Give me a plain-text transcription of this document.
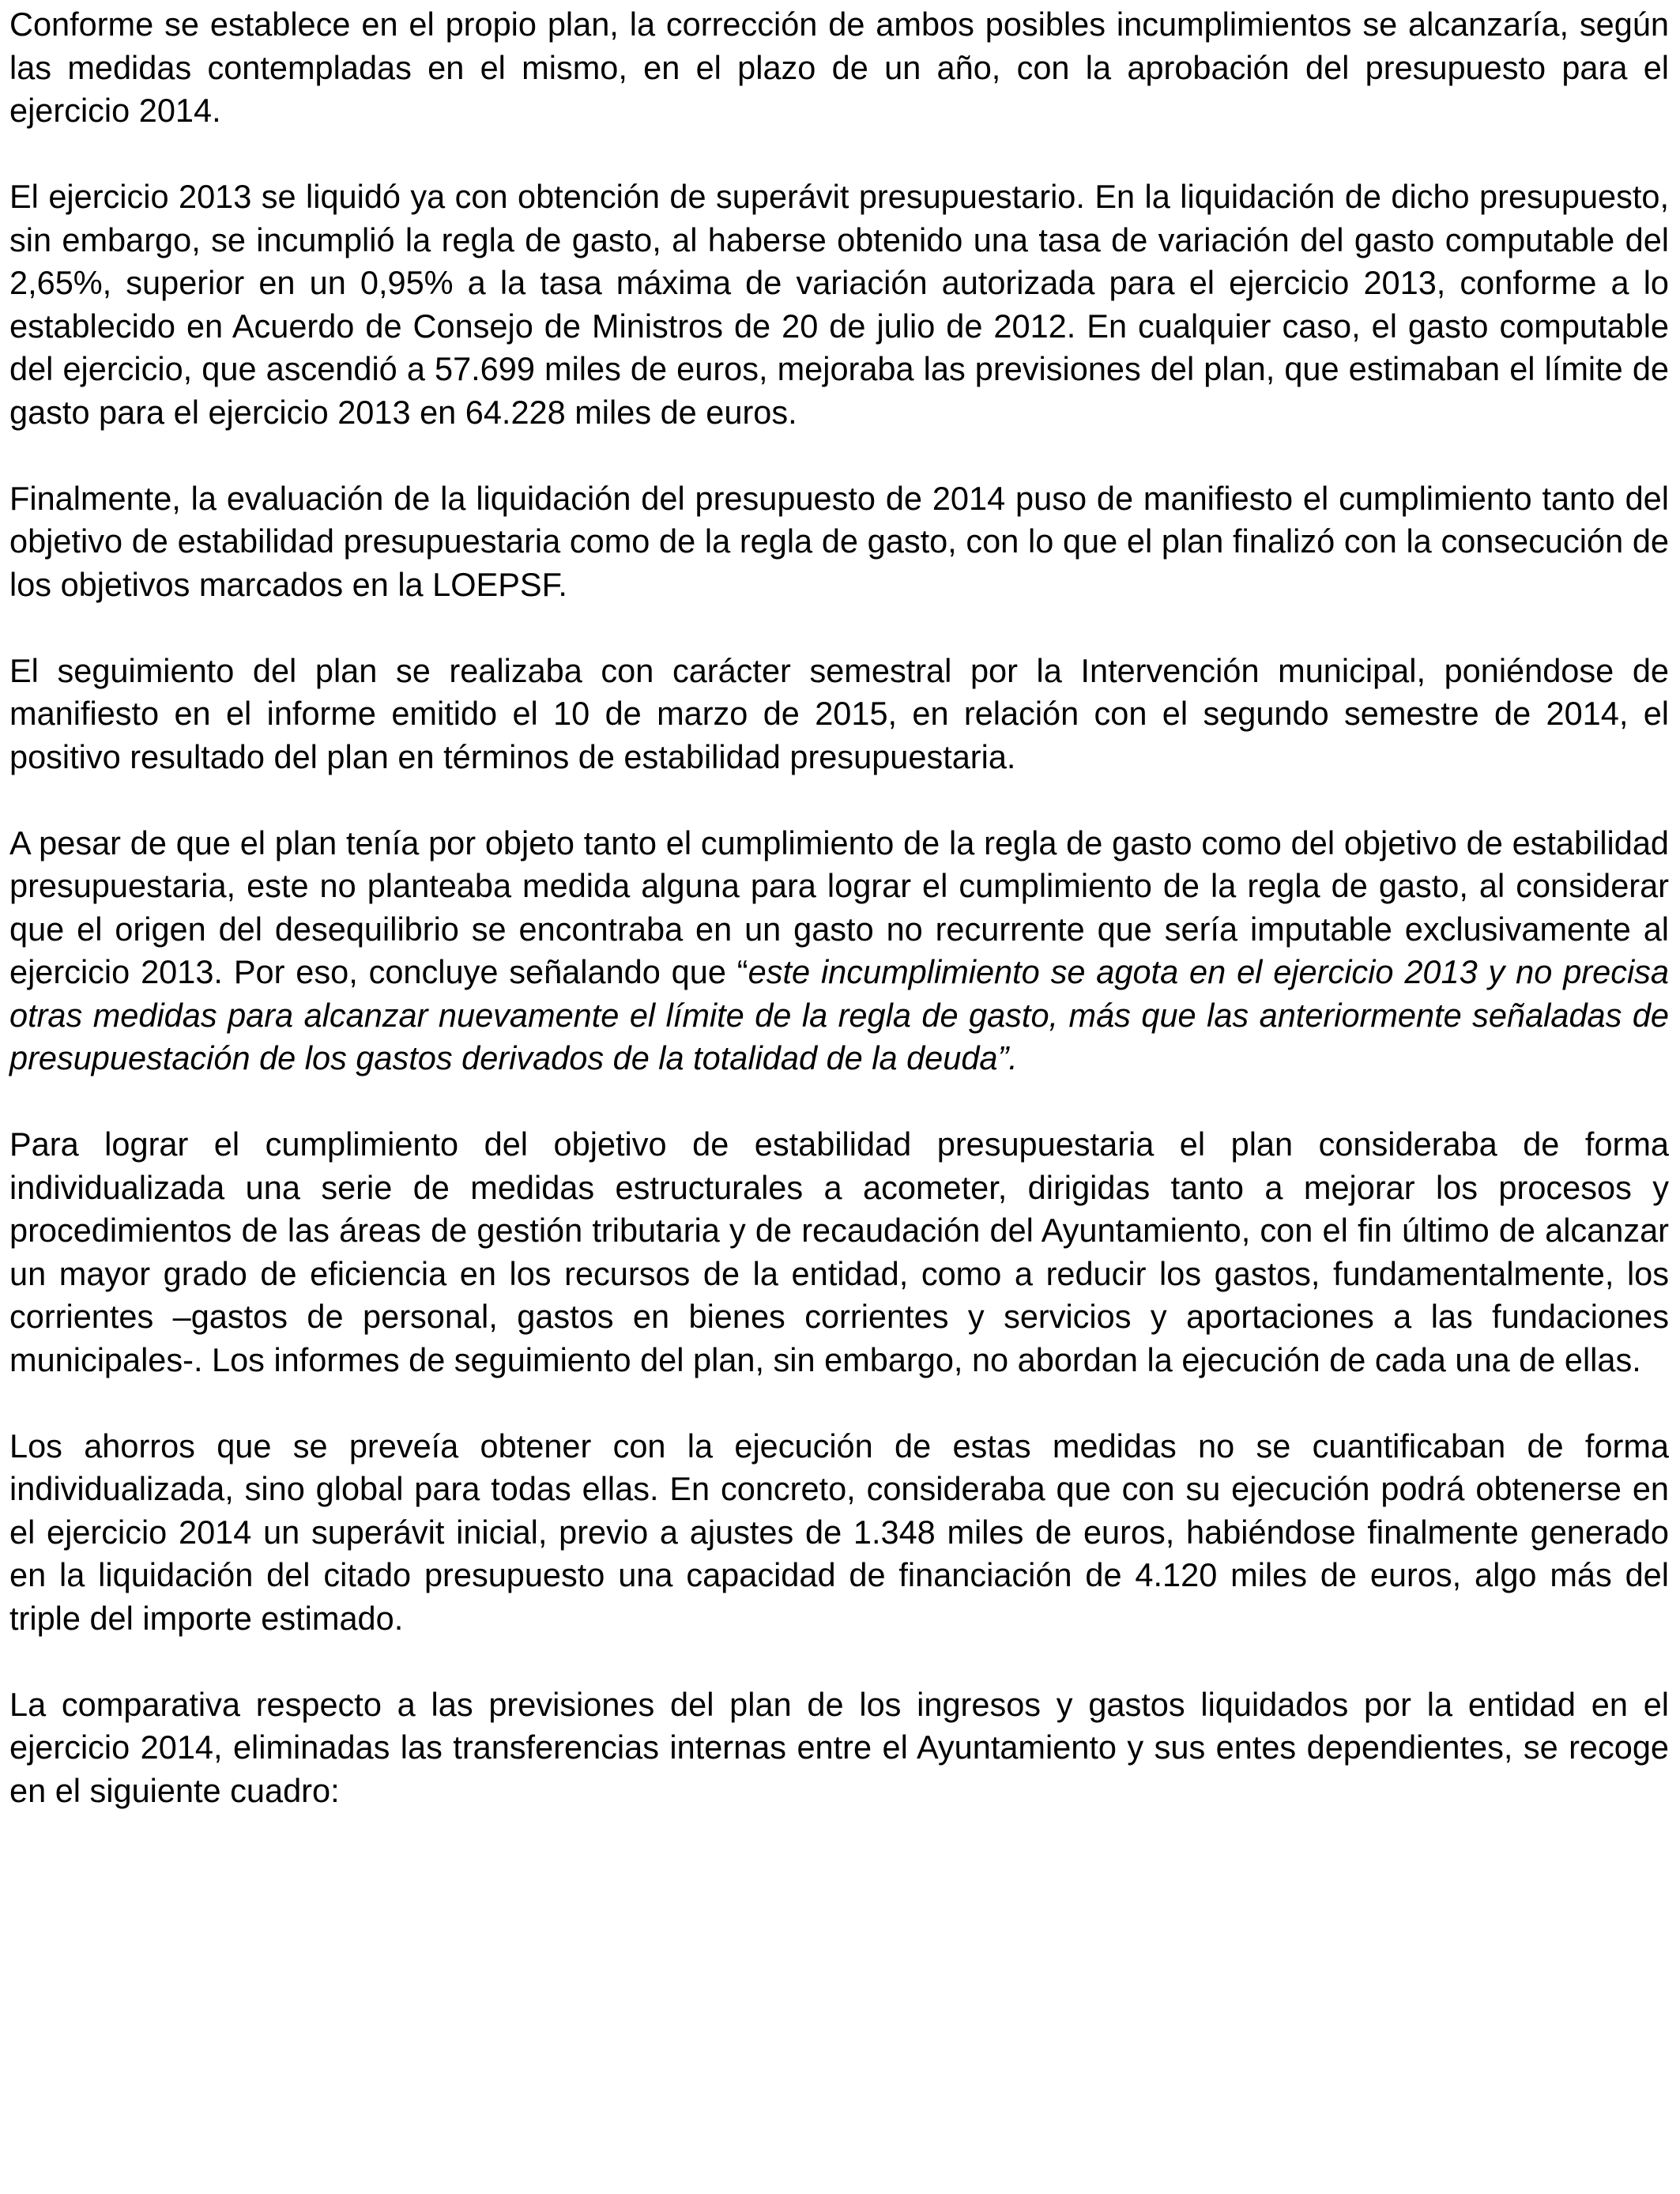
Conforme se establece en el propio plan, la corrección de ambos posibles incumplimientos se alcanzaría, según las medidas contempladas en el mismo, en el plazo de un año, con la aprobación del presupuesto para el ejercicio 2014.

El ejercicio 2013 se liquidó ya con obtención de superávit presupuestario. En la liquidación de dicho presupuesto, sin embargo, se incumplió la regla de gasto, al haberse obtenido una tasa de variación del gasto computable del 2,65%, superior en un 0,95% a la tasa máxima de variación autorizada para el ejercicio 2013, conforme a lo establecido en Acuerdo de Consejo de Ministros de 20 de julio de 2012. En cualquier caso, el gasto computable del ejercicio, que ascendió a 57.699 miles de euros, mejoraba las previsiones del plan, que estimaban el límite de gasto para el ejercicio 2013 en 64.228 miles de euros.

Finalmente, la evaluación de la liquidación del presupuesto de 2014 puso de manifiesto el cumplimiento tanto del objetivo de estabilidad presupuestaria como de la regla de gasto, con lo que el plan finalizó con la consecución de los objetivos marcados en la LOEPSF.

El seguimiento del plan se realizaba con carácter semestral por la Intervención municipal, poniéndose de manifiesto en el informe emitido el 10 de marzo de 2015, en relación con el segundo semestre de 2014, el positivo resultado del plan en términos de estabilidad presupuestaria.

A pesar de que el plan tenía por objeto tanto el cumplimiento de la regla de gasto como del objetivo de estabilidad presupuestaria, este no planteaba medida alguna para lograr el cumplimiento de la regla de gasto, al considerar que el origen del desequilibrio se encontraba en un gasto no recurrente que sería imputable exclusivamente al ejercicio 2013. Por eso, concluye señalando que “este incumplimiento se agota en el ejercicio 2013 y no precisa otras medidas para alcanzar nuevamente el límite de la regla de gasto, más que las anteriormente señaladas de presupuestación de los gastos derivados de la totalidad de la deuda”.

Para lograr el cumplimiento del objetivo de estabilidad presupuestaria el plan consideraba de forma individualizada una serie de medidas estructurales a acometer, dirigidas tanto a mejorar los procesos y procedimientos de las áreas de gestión tributaria y de recaudación del Ayuntamiento, con el fin último de alcanzar un mayor grado de eficiencia en los recursos de la entidad, como a reducir los gastos, fundamentalmente, los corrientes –gastos de personal, gastos en bienes corrientes y servicios y aportaciones a las fundaciones municipales-. Los informes de seguimiento del plan, sin embargo, no abordan la ejecución de cada una de ellas.

Los ahorros que se preveía obtener con la ejecución de estas medidas no se cuantificaban de forma individualizada, sino global para todas ellas. En concreto, consideraba que con su ejecución podrá obtenerse en el ejercicio 2014 un superávit inicial, previo a ajustes de 1.348 miles de euros, habiéndose finalmente generado en la liquidación del citado presupuesto una capacidad de financiación de 4.120 miles de euros, algo más del triple del importe estimado.

La comparativa respecto a las previsiones del plan de los ingresos y gastos liquidados por la entidad en el ejercicio 2014, eliminadas las transferencias internas entre el Ayuntamiento y sus entes dependientes, se recoge en el siguiente cuadro:
